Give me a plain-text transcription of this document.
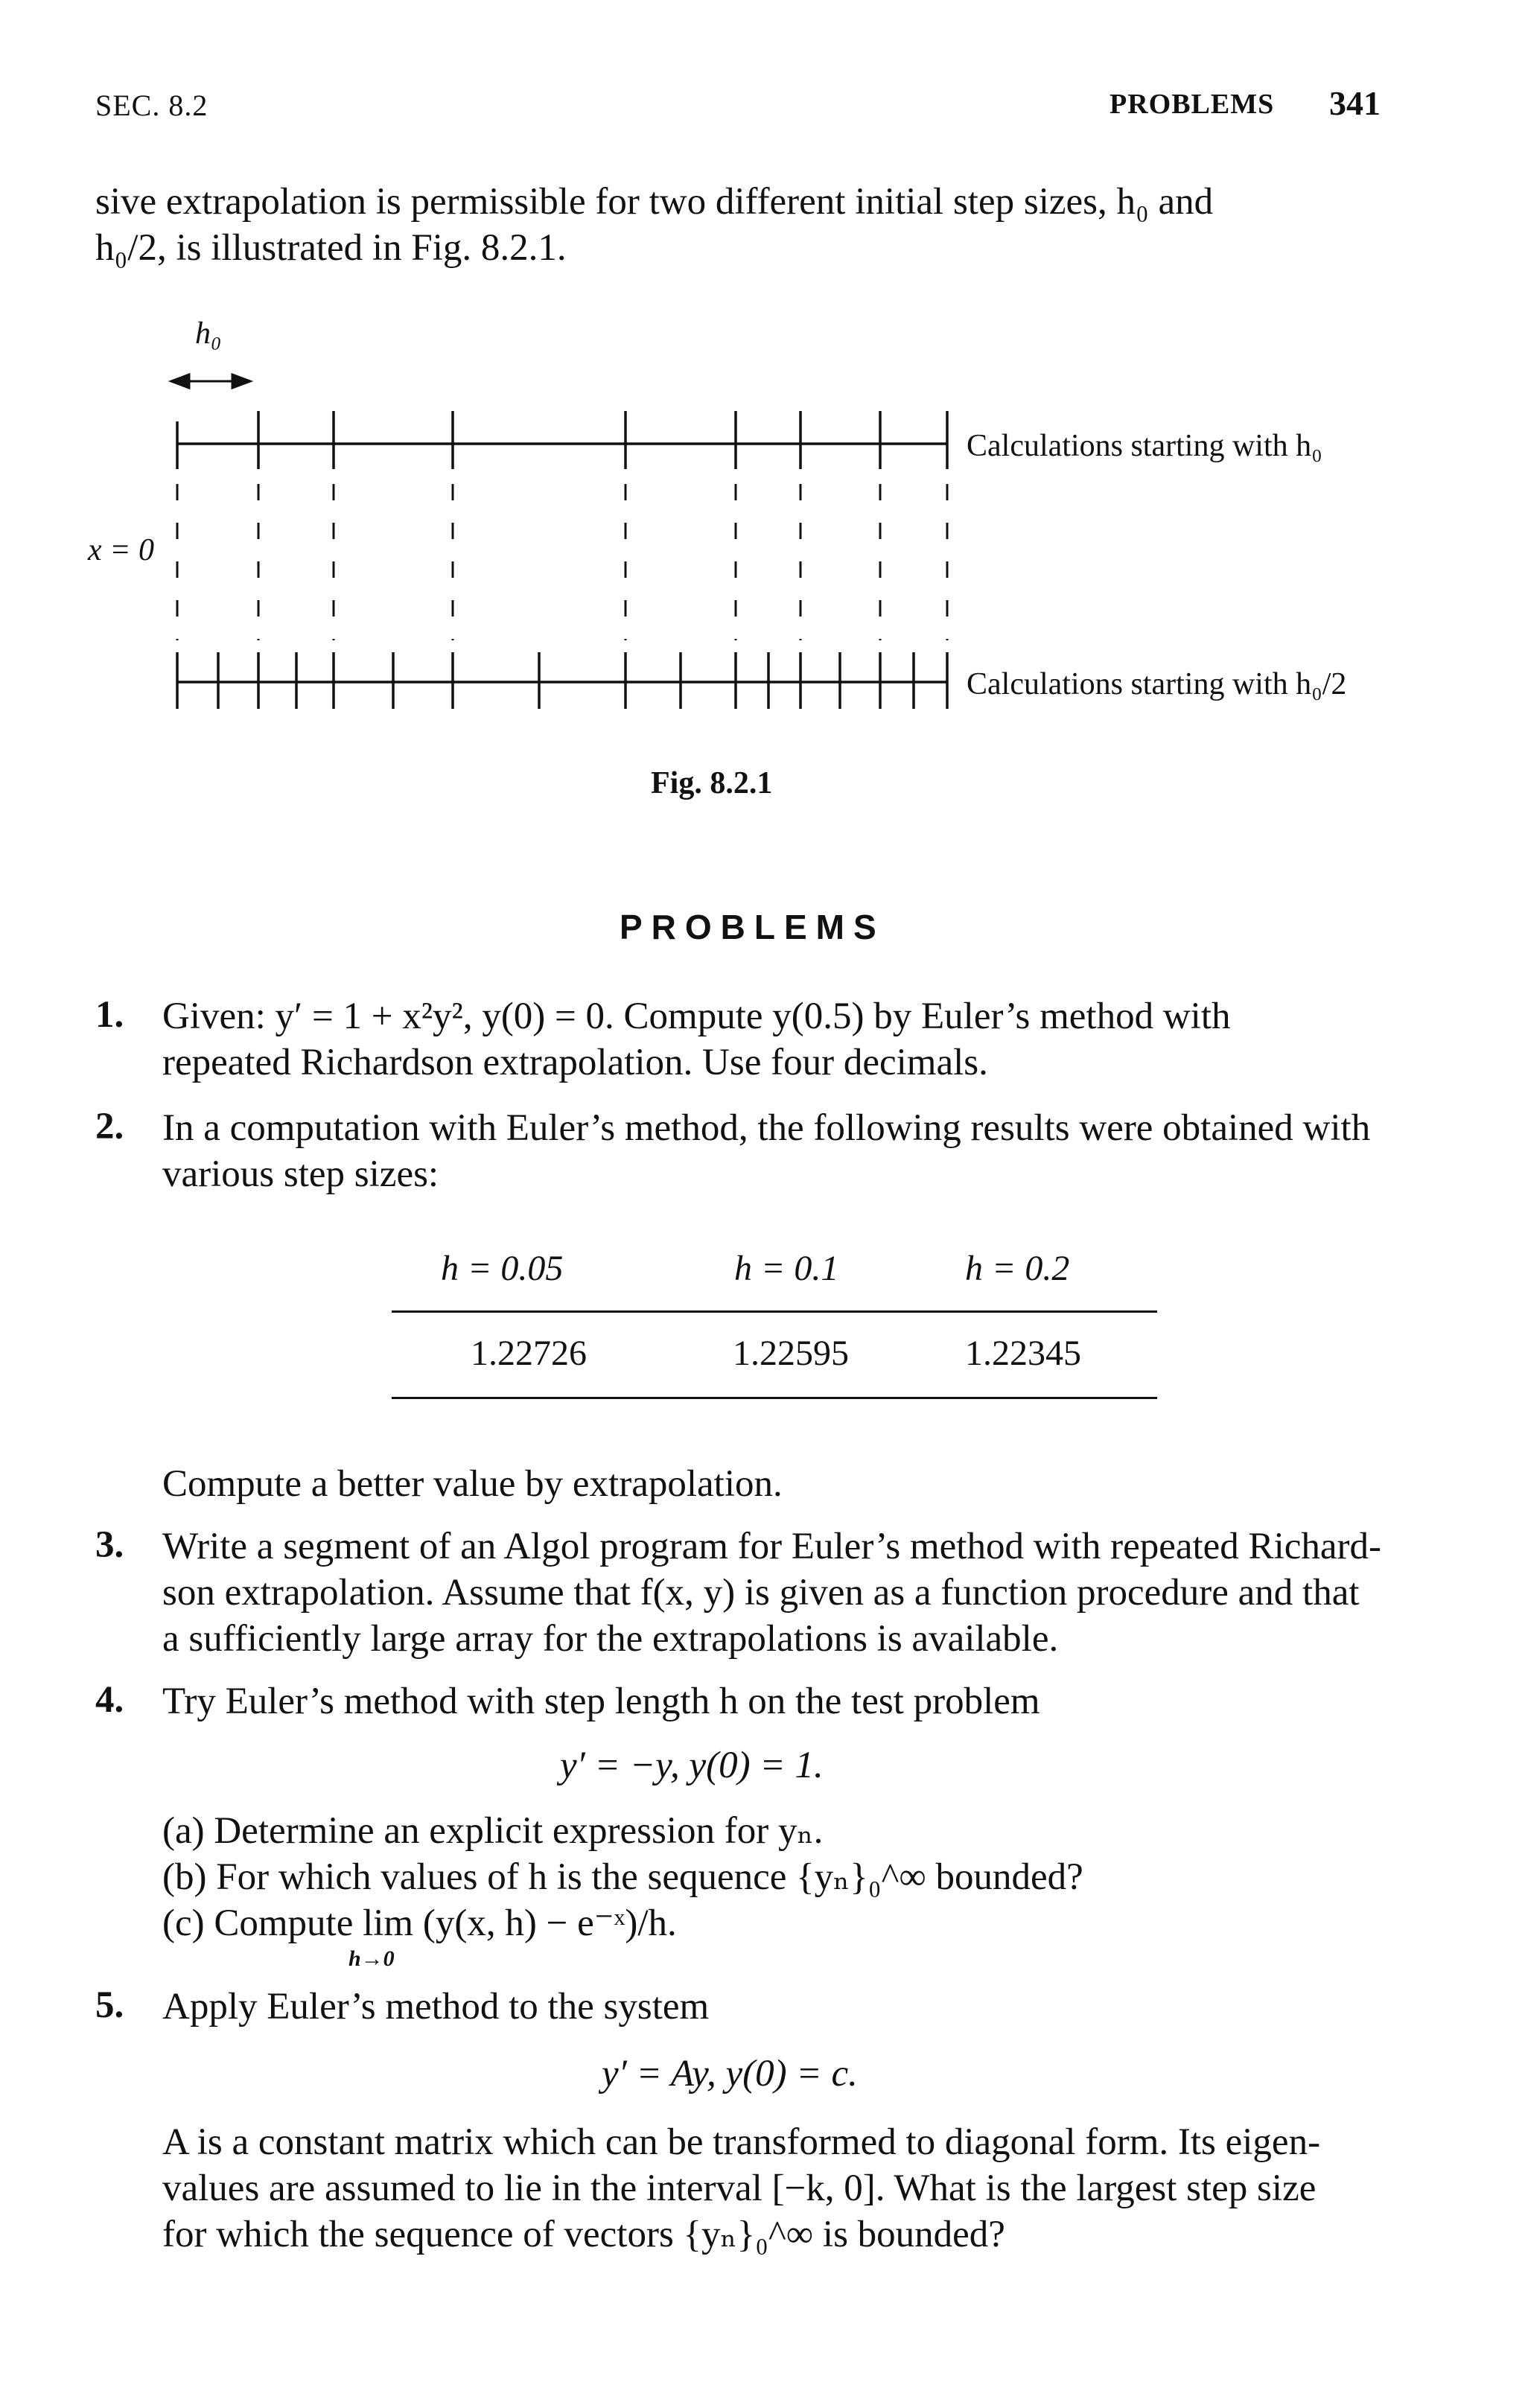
SEC. 8.2	PROBLEMS 341
sive extrapolation is permissible for two different initial step sizes, h₀ and
h₀/2, is illustrated in Fig. 8.2.1.
h₀
x = 0
Calculations starting with h₀
Calculations starting with h₀/2
Fig. 8.2.1
PROBLEMS
1. Given: y′ = 1 + x²y², y(0) = 0. Compute y(0.5) by Euler’s method with
repeated Richardson extrapolation. Use four decimals.
2. In a computation with Euler’s method, the following results were obtained with
various step sizes:
h = 0.05	h = 0.1	h = 0.2
1.22726	1.22595	1.22345
Compute a better value by extrapolation.
3. Write a segment of an Algol program for Euler’s method with repeated Richard-
son extrapolation. Assume that f(x, y) is given as a function procedure and that
a sufficiently large array for the extrapolations is available.
4. Try Euler’s method with step length h on the test problem
y′ = −y, y(0) = 1.
(a) Determine an explicit expression for yₙ.
(b) For which values of h is the sequence {yₙ}₀^∞ bounded?
(c) Compute lim (y(x, h) − e⁻ˣ)/h.
h→0
5. Apply Euler’s method to the system
y′ = Ay, y(0) = c.
A is a constant matrix which can be transformed to diagonal form. Its eigen-
values are assumed to lie in the interval [−k, 0]. What is the largest step size
for which the sequence of vectors {yₙ}₀^∞ is bounded?
